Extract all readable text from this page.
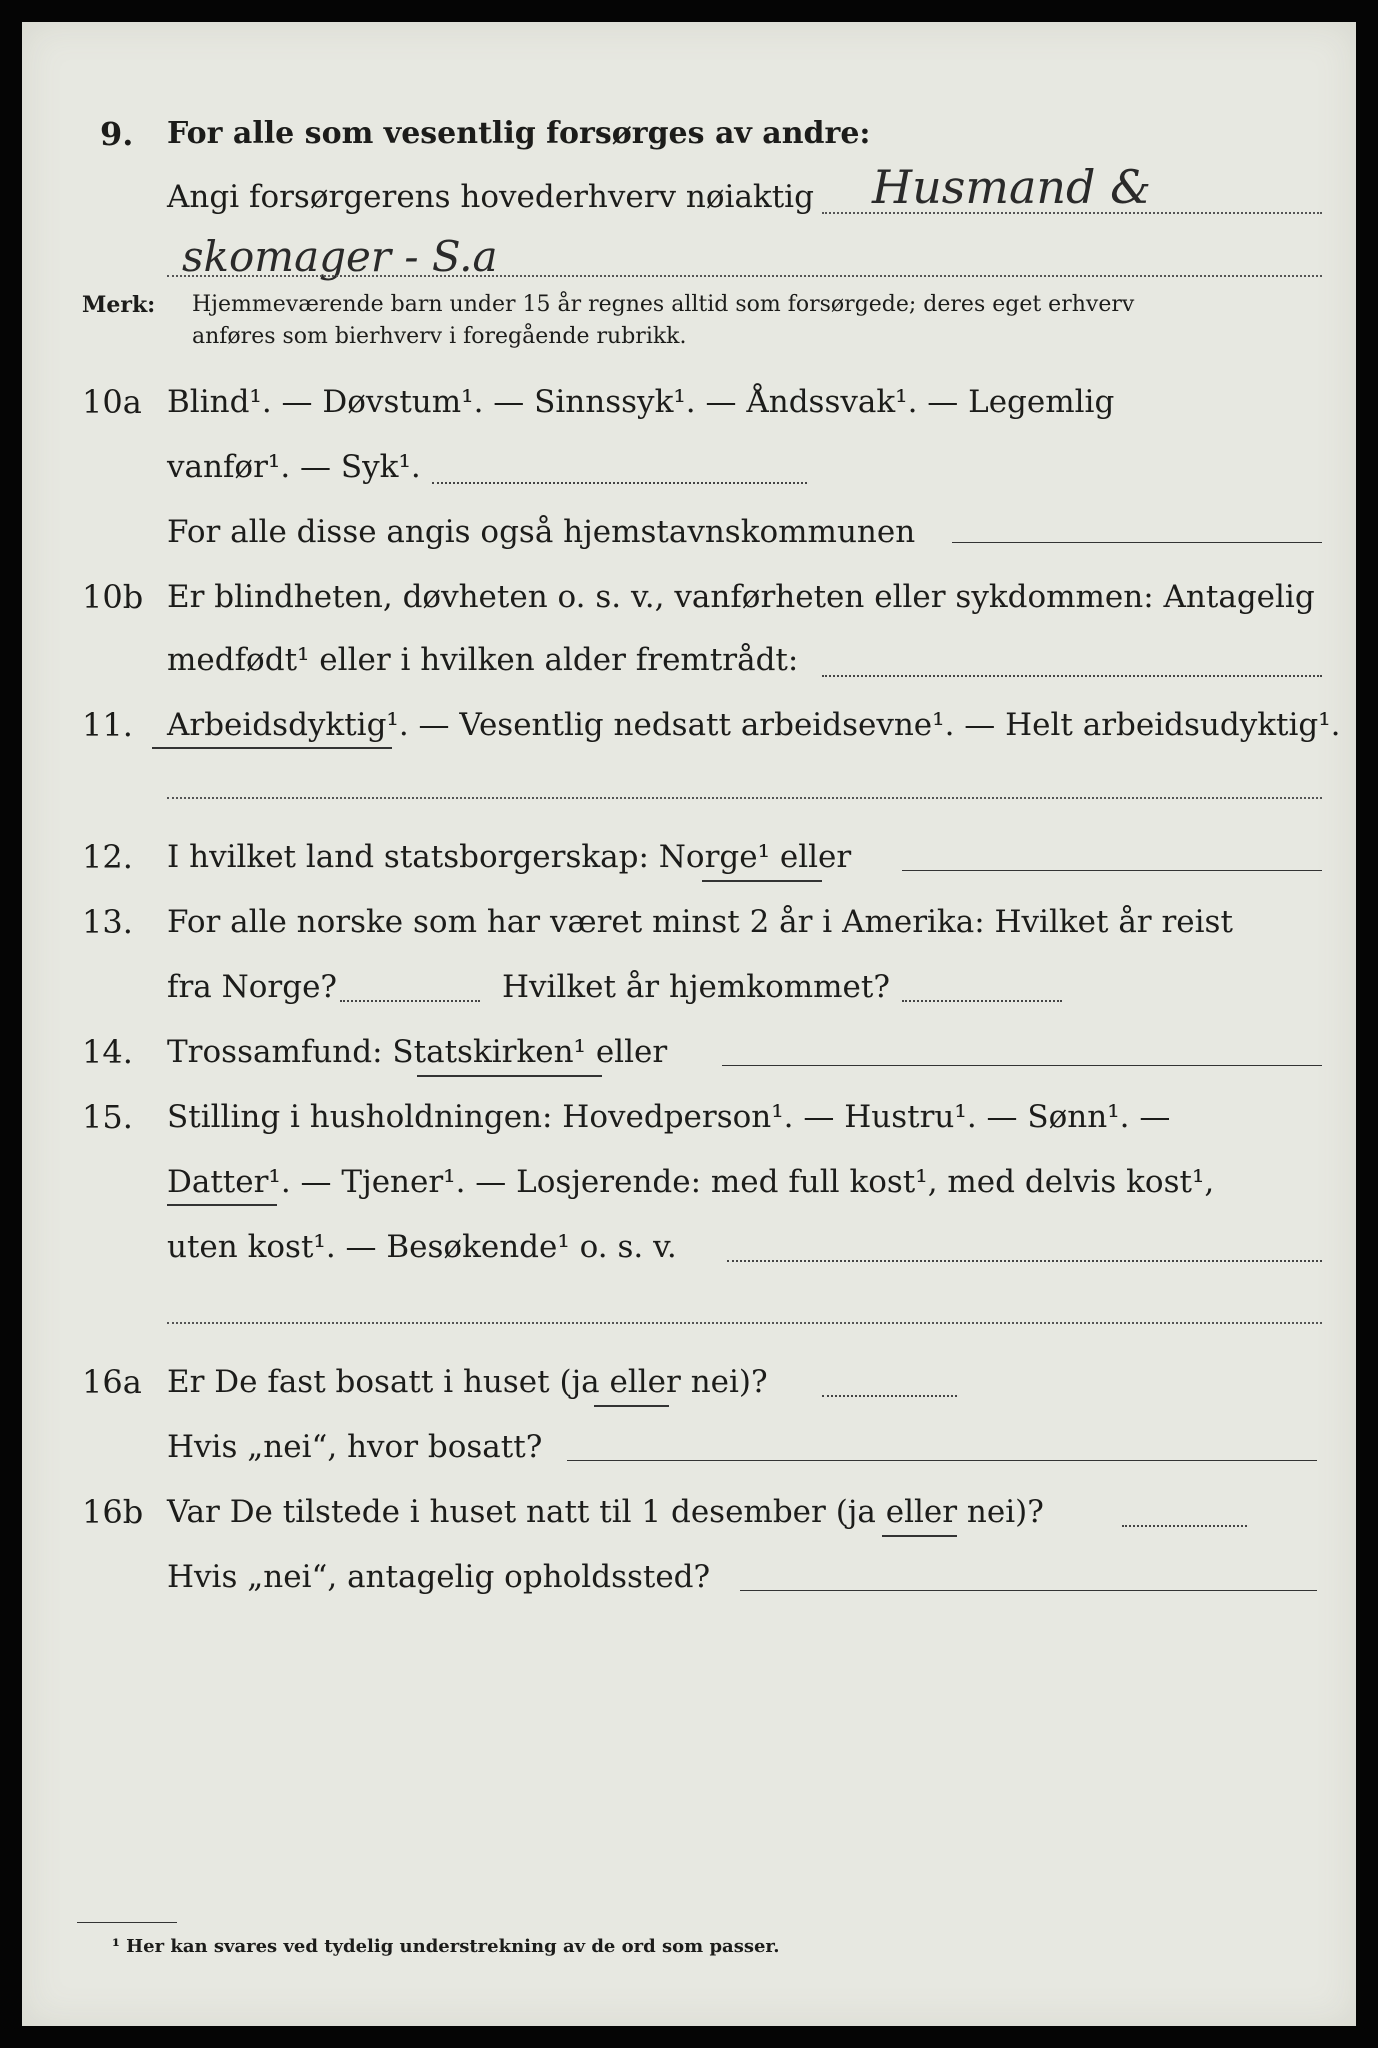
9. For alle som vesentlig forsørges av andre:
Angi forsørgerens hovederhverv nøiaktig Husmand &
skomager - S.a
Merk: Hjemmeværende barn under 15 år regnes alltid som forsørgede; deres eget erhverv
anføres som bierhverv i foregående rubrikk.
10a Blind¹. — Døvstum¹. — Sinnssyk¹. — Åndssvak¹. — Legemlig
vanfør¹. — Syk¹.
For alle disse angis også hjemstavnskommunen
10b Er blindheten, døvheten o. s. v., vanførheten eller sykdommen: Antagelig
medfødt¹ eller i hvilken alder fremtrådt:
11. Arbeidsdyktig¹. — Vesentlig nedsatt arbeidsevne¹. — Helt arbeidsudyktig¹.
12. I hvilket land statsborgerskap: Norge¹ eller
13. For alle norske som har været minst 2 år i Amerika: Hvilket år reist
fra Norge?	Hvilket år hjemkommet?
14. Trossamfund: Statskirken¹ eller
15. Stilling i husholdningen: Hovedperson¹. — Hustru¹. — Sønn¹. —
Datter¹. — Tjener¹. — Losjerende: med full kost¹, med delvis kost¹,
uten kost¹. — Besøkende¹ o. s. v.
16a Er De fast bosatt i huset (ja eller nei)?
Hvis „nei“, hvor bosatt?
16b Var De tilstede i huset natt til 1 desember (ja eller nei)?
Hvis „nei“, antagelig opholdssted?
¹ Her kan svares ved tydelig understrekning av de ord som passer.
